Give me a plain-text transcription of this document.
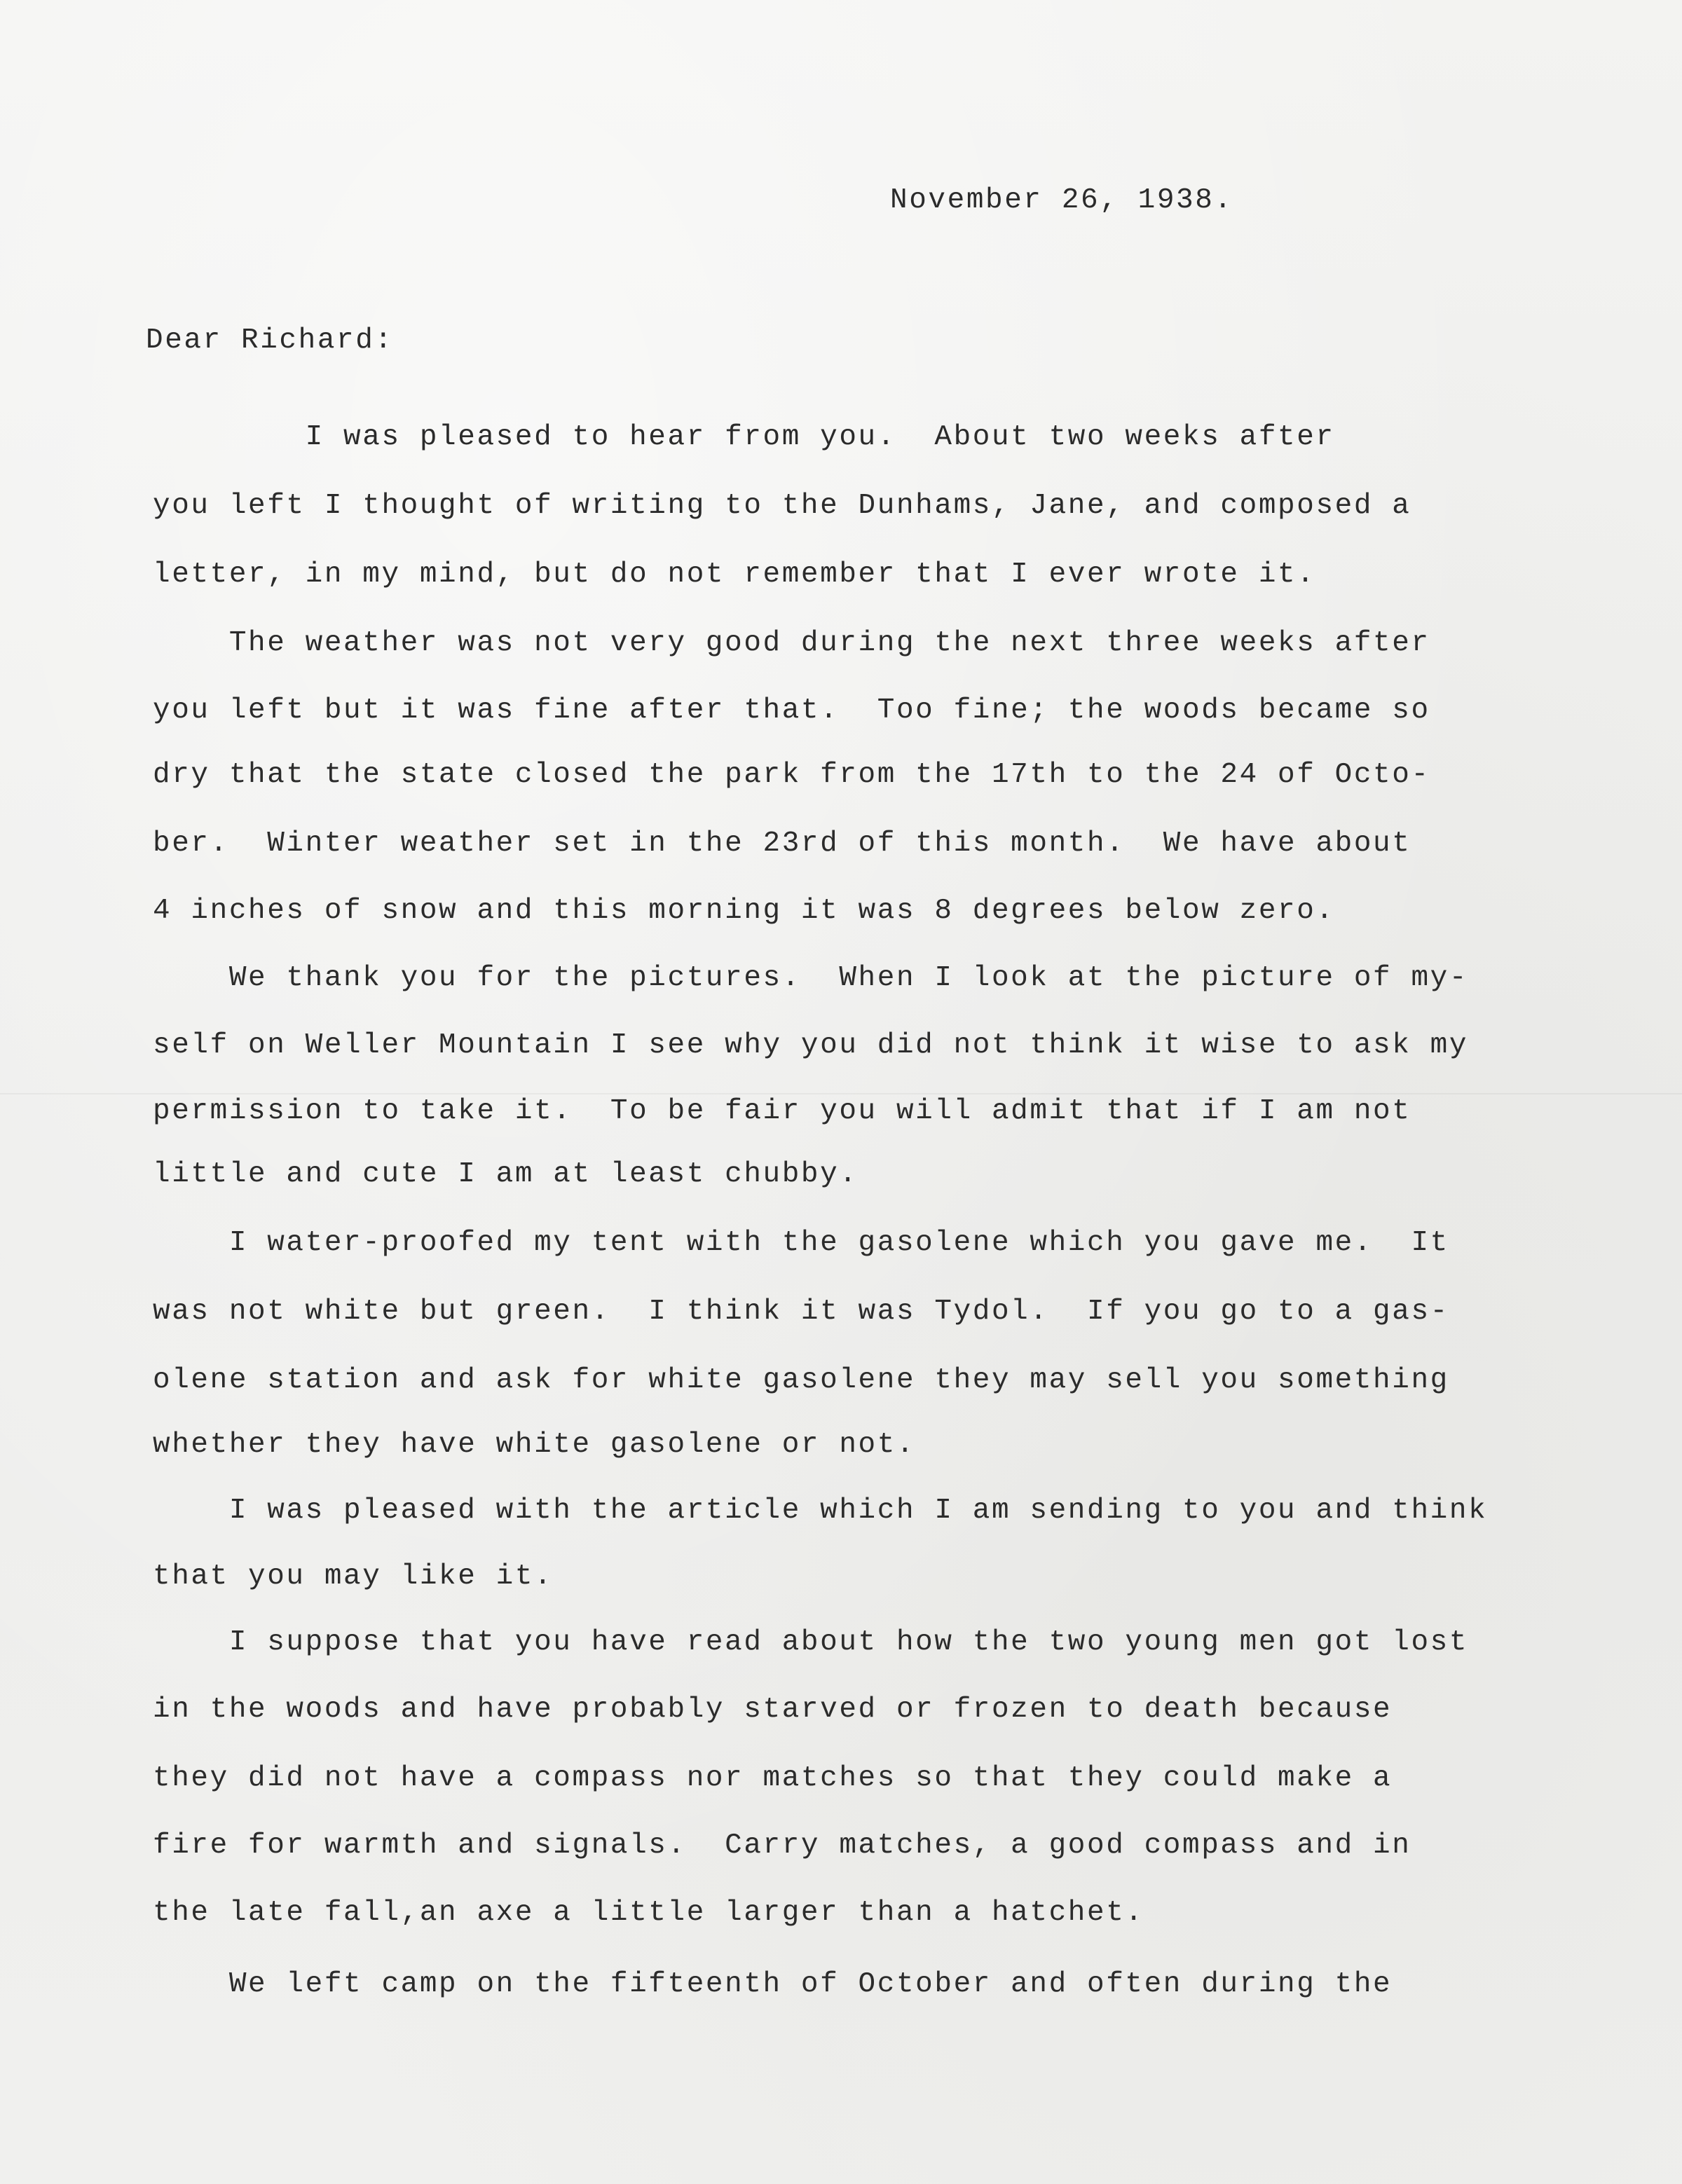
November 26, 1938.
Dear Richard:
I was pleased to hear from you.  About two weeks after
you left I thought of writing to the Dunhams, Jane, and composed a
letter, in my mind, but do not remember that I ever wrote it.
The weather was not very good during the next three weeks after
you left but it was fine after that.  Too fine; the woods became so
dry that the state closed the park from the 17th to the 24 of Octo-
ber.  Winter weather set in the 23rd of this month.  We have about
4 inches of snow and this morning it was 8 degrees below zero.
We thank you for the pictures.  When I look at the picture of my-
self on Weller Mountain I see why you did not think it wise to ask my
permission to take it.  To be fair you will admit that if I am not
little and cute I am at least chubby.
I water-proofed my tent with the gasolene which you gave me.  It
was not white but green.  I think it was Tydol.  If you go to a gas-
olene station and ask for white gasolene they may sell you something
whether they have white gasolene or not.
I was pleased with the article which I am sending to you and think
that you may like it.
I suppose that you have read about how the two young men got lost
in the woods and have probably starved or frozen to death because
they did not have a compass nor matches so that they could make a
fire for warmth and signals.  Carry matches, a good compass and in
the late fall,an axe a little larger than a hatchet.
We left camp on the fifteenth of October and often during the
